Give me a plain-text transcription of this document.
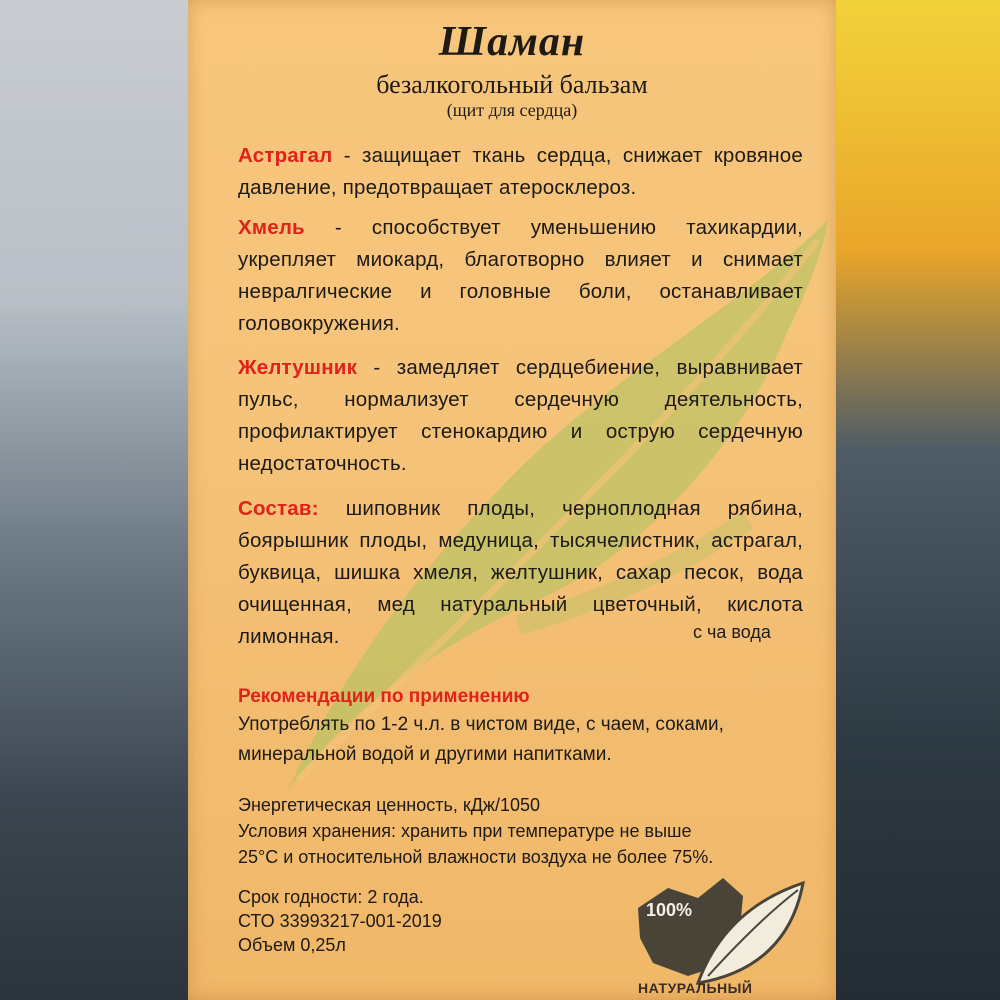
Шаман
безалкогольный бальзам
(щит для сердца)
Астрагал - защищает ткань сердца, снижает кровяное давление, предотвращает атеросклероз.
Хмель - способствует уменьшению тахикардии, укрепляет миокард, благотворно влияет и снимает невралгические и головные боли, останавливает головокружения.
Желтушник - замедляет сердцебиение, выравнивает пульс, нормализует сердечную деятельность, профилактирует стенокардию и острую сердечную недостаточность.
Состав: шиповник плоды, черноплодная рябина, боярышник плоды, медуница, тысячелистник, астрагал, буквица, шишка хмеля, желтушник, сахар песок, вода очищенная, мед натуральный цветочный, кислота лимонная.	с ча вода
Рекомендации по применению
Употреблять по 1-2 ч.л. в чистом виде, с чаем, соками,
минеральной водой и другими напитками.
Энергетическая ценность, кДж/1050
Условия хранения: хранить при температуре не выше
25°С и относительной влажности воздуха не более 75%.
Срок годности: 2 года.
СТО 33993217-001-2019
Объем 0,25л
100%
НАТУРАЛЬНЫЙ
